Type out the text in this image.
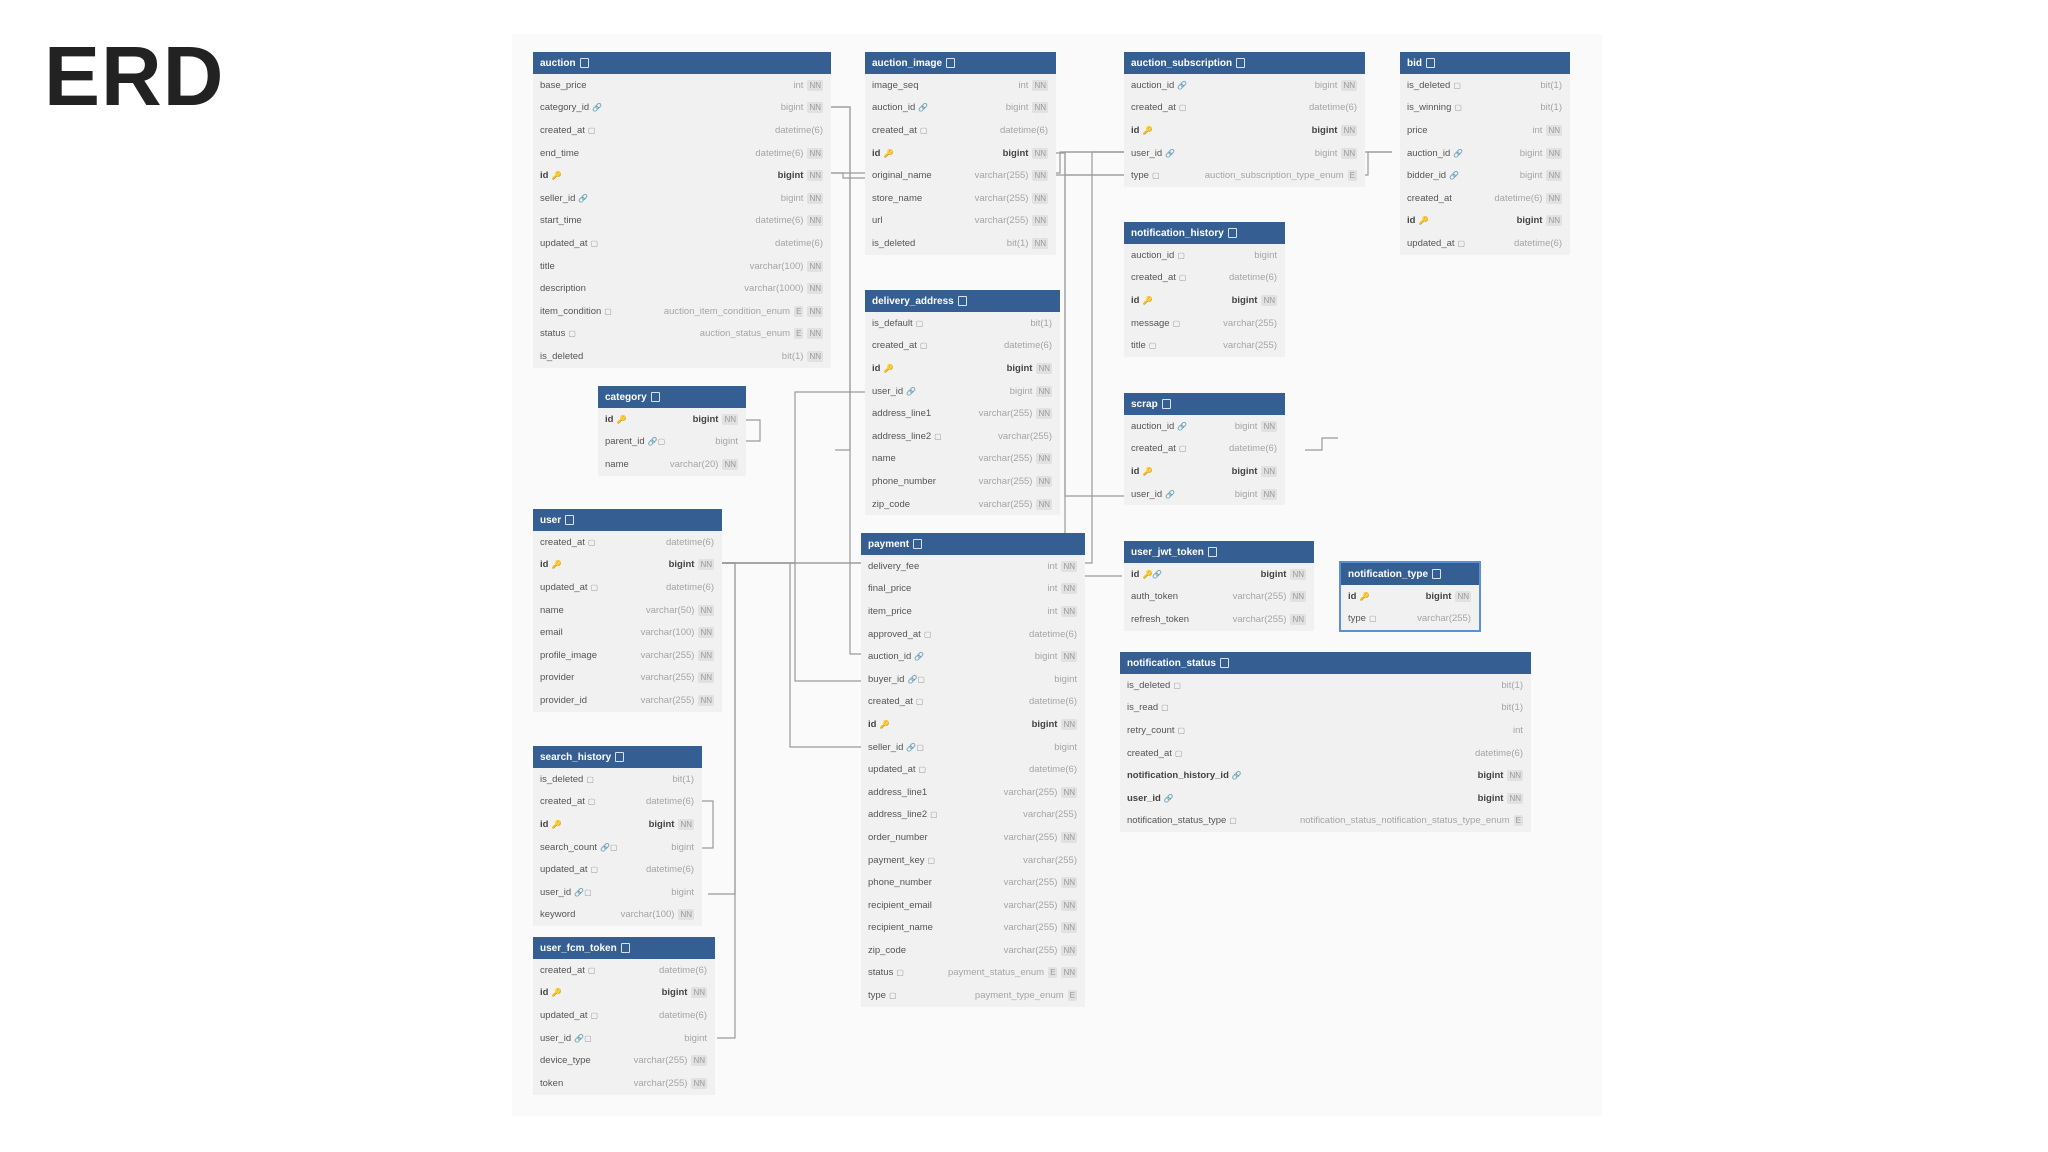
ERD	auction
base_price	int NN
category_id 🔗	bigint NN
created_at ▢	datetime(6)
end_time	datetime(6) NN
id 🔑	bigint NN
seller_id 🔗	bigint NN
start_time	datetime(6) NN
updated_at ▢	datetime(6)
title	varchar(100) NN
description	varchar(1000) NN
item_condition ▢	auction_item_condition_enum E NN
status ▢	auction_status_enum E NN
is_deleted	bit(1) NN
category
id 🔑	bigint NN
parent_id 🔗▢	bigint
name	varchar(20) NN
user
created_at ▢	datetime(6)
id 🔑	bigint NN
updated_at ▢	datetime(6)
name	varchar(50) NN
email	varchar(100) NN
profile_image	varchar(255) NN
provider	varchar(255) NN
provider_id	varchar(255) NN
search_history
is_deleted ▢	bit(1)
created_at ▢	datetime(6)
id 🔑	bigint NN
search_count 🔗▢	bigint
updated_at ▢	datetime(6)
user_id 🔗▢	bigint
keyword	varchar(100) NN
user_fcm_token
created_at ▢	datetime(6)
id 🔑	bigint NN
updated_at ▢	datetime(6)
user_id 🔗▢	bigint
device_type	varchar(255) NN
token	varchar(255) NN
auction_image
image_seq	int NN
auction_id 🔗	bigint NN
created_at ▢	datetime(6)
id 🔑	bigint NN
original_name	varchar(255) NN
store_name	varchar(255) NN
url	varchar(255) NN
is_deleted	bit(1) NN
delivery_address
is_default ▢	bit(1)
created_at ▢	datetime(6)
id 🔑	bigint NN
user_id 🔗	bigint NN
address_line1	varchar(255) NN
address_line2 ▢	varchar(255)
name	varchar(255) NN
phone_number	varchar(255) NN
zip_code	varchar(255) NN
payment
delivery_fee	int NN
final_price	int NN
item_price	int NN
approved_at ▢	datetime(6)
auction_id 🔗	bigint NN
buyer_id 🔗▢	bigint
created_at ▢	datetime(6)
id 🔑	bigint NN
seller_id 🔗▢	bigint
updated_at ▢	datetime(6)
address_line1	varchar(255) NN
address_line2 ▢	varchar(255)
order_number	varchar(255) NN
payment_key ▢	varchar(255)
phone_number	varchar(255) NN
recipient_email	varchar(255) NN
recipient_name	varchar(255) NN
zip_code	varchar(255) NN
status ▢	payment_status_enum E NN
type ▢	payment_type_enum E
auction_subscription
auction_id 🔗	bigint NN
created_at ▢	datetime(6)
id 🔑	bigint NN
user_id 🔗	bigint NN
type ▢	auction_subscription_type_enum E
notification_history
auction_id ▢	bigint
created_at ▢	datetime(6)
id 🔑	bigint NN
message ▢	varchar(255)
title ▢	varchar(255)
scrap
auction_id 🔗	bigint NN
created_at ▢	datetime(6)
id 🔑	bigint NN
user_id 🔗	bigint NN
user_jwt_token
id 🔑🔗	bigint NN
auth_token	varchar(255) NN
refresh_token	varchar(255) NN
bid
is_deleted ▢	bit(1)
is_winning ▢	bit(1)
price	int NN
auction_id 🔗	bigint NN
bidder_id 🔗	bigint NN
created_at	datetime(6) NN
id 🔑	bigint NN
updated_at ▢	datetime(6)
notification_type
id 🔑	bigint NN
type ▢	varchar(255)
notification_status
is_deleted ▢	bit(1)
is_read ▢	bit(1)
retry_count ▢	int
created_at ▢	datetime(6)
notification_history_id 🔗	bigint NN
user_id 🔗	bigint NN
notification_status_type ▢	notification_status_notification_status_type_enum E
